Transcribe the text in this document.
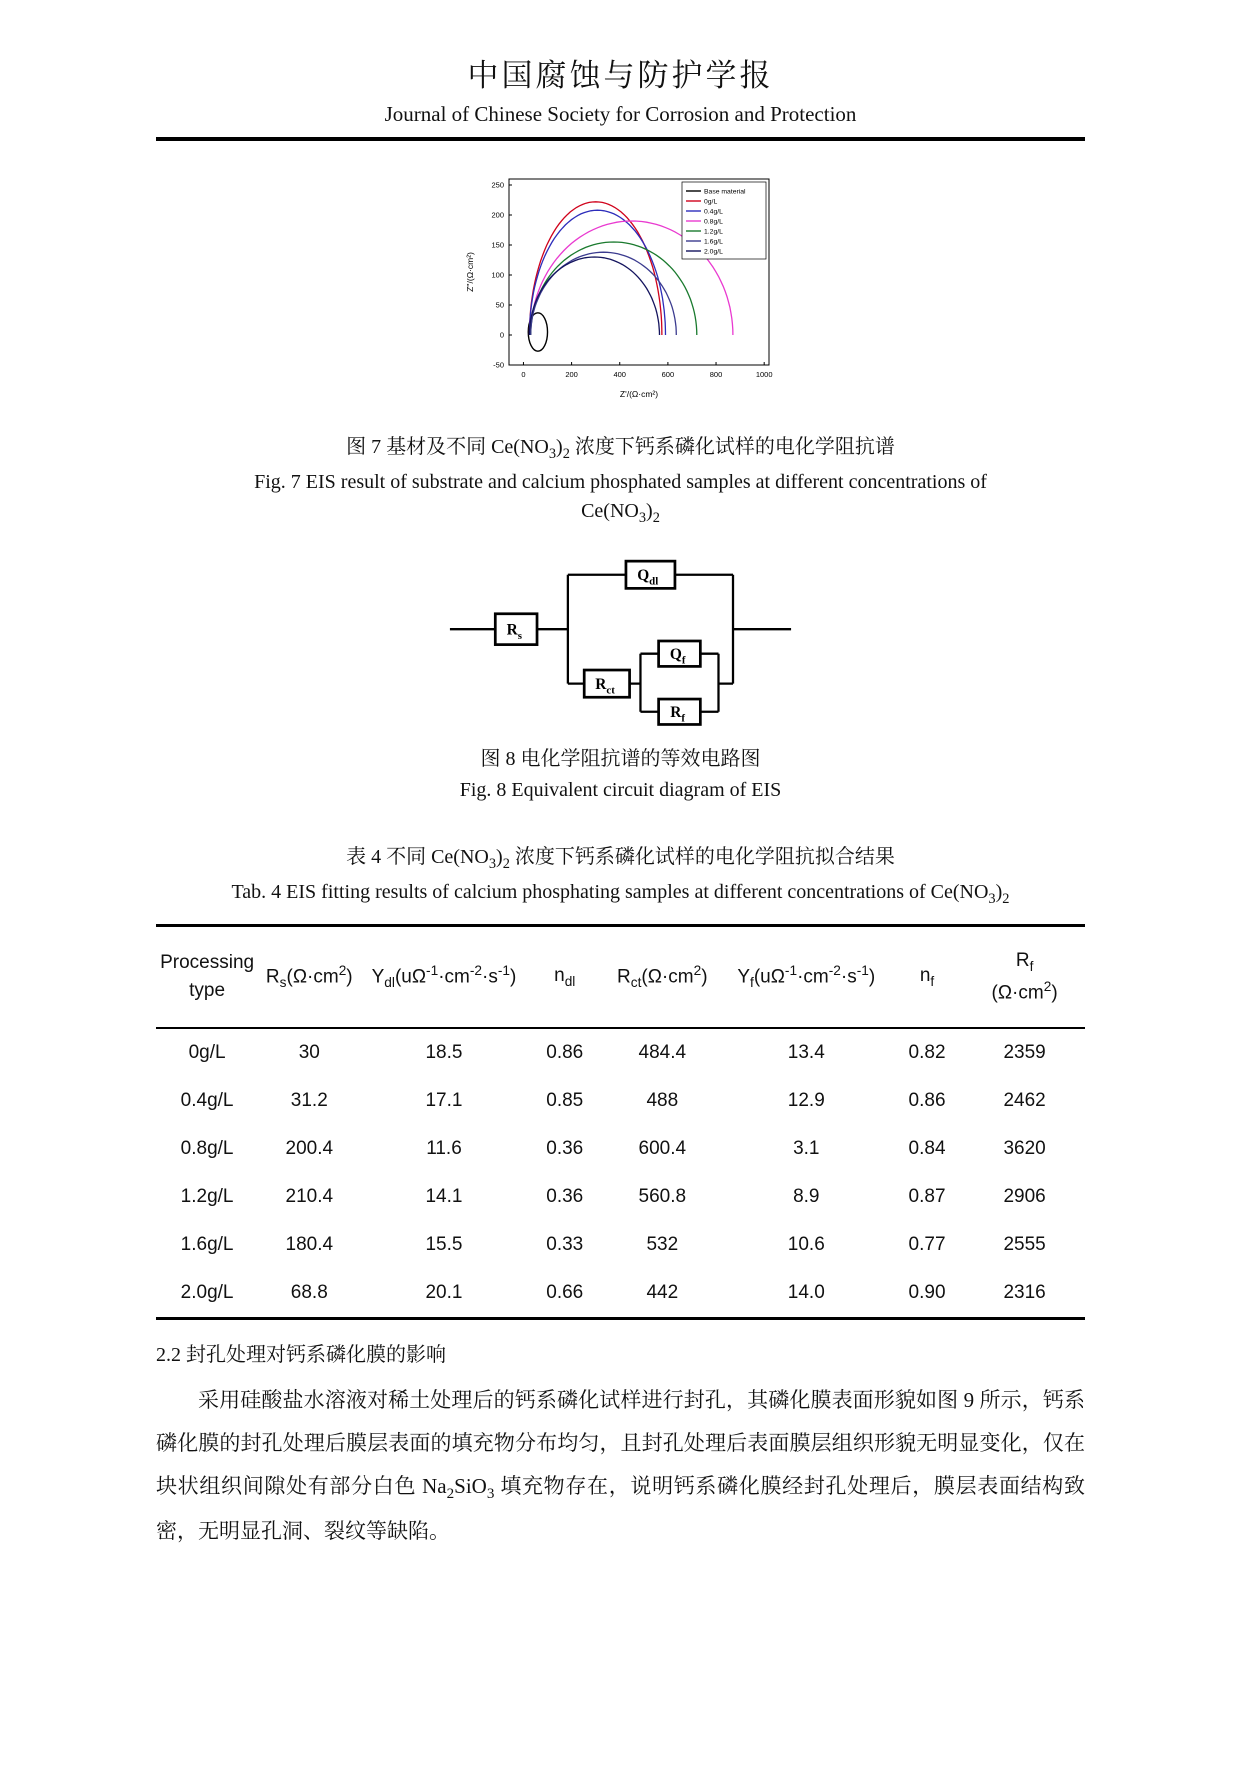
中国腐蚀与防护学报
Journal of Chinese Society for Corrosion and Protection
0	200	400	600	800	1000
-50
0
50
100
150
200
250
Z'/(Ω·cm²)
Z''/(Ω·cm²)
Base material
0g/L
0.4g/L
0.8g/L
1.2g/L
1.6g/L
2.0g/L
图 7 基材及不同 $Ce(NO_3)_2$ 浓度下钙系磷化试样的电化学阻抗谱
Fig. 7 EIS result of substrate and calcium phosphated samples at different concentrations of
$Ce(NO_3)_2$
$R_s$
$Q_{dl}$
$R_{ct}$
$Q_f$
$R_f$
图 8 电化学阻抗谱的等效电路图
Fig. 8 Equivalent circuit diagram of EIS
表 4 不同 $Ce(NO_3)_2$ 浓度下钙系磷化试样的电化学阻抗拟合结果
Tab. 4 EIS fitting results of calcium phosphating samples at different concentrations of $Ce(NO_3)_2$
Processing
type	$R_s(\Omega\cdot cm^2)$	$Y_{dl}(u\Omega^{-1}\cdot cm^{-2}\cdot s^{-1})$	$n_{dl}$	$R_{ct}(\Omega\cdot cm^2)$	$Y_f(u\Omega^{-1}\cdot cm^{-2}\cdot s^{-1})$	$n_f$	$R_f$
$(\Omega\cdot cm^2)$
0g/L	30	18.5	0.86	484.4	13.4	0.82	2359
0.4g/L	31.2	17.1	0.85	488	12.9	0.86	2462
0.8g/L	200.4	11.6	0.36	600.4	3.1	0.84	3620
1.2g/L	210.4	14.1	0.36	560.8	8.9	0.87	2906
1.6g/L	180.4	15.5	0.33	532	10.6	0.77	2555
2.0g/L	68.8	20.1	0.66	442	14.0	0.90	2316
2.2 封孔处理对钙系磷化膜的影响
采用硅酸盐水溶液对稀土处理后的钙系磷化试样进行封孔，其磷化膜表面形貌如图 9 所示，钙系磷化膜的封孔处理后膜层表面的填充物分布均匀，且封孔处理后表面膜层组织形貌无明显变化，仅在块状组织间隙处有部分白色 $Na_2SiO_3$ 填充物存在，说明钙系磷化膜经封孔处理后，膜层表面结构致密，无明显孔洞、裂纹等缺陷。
